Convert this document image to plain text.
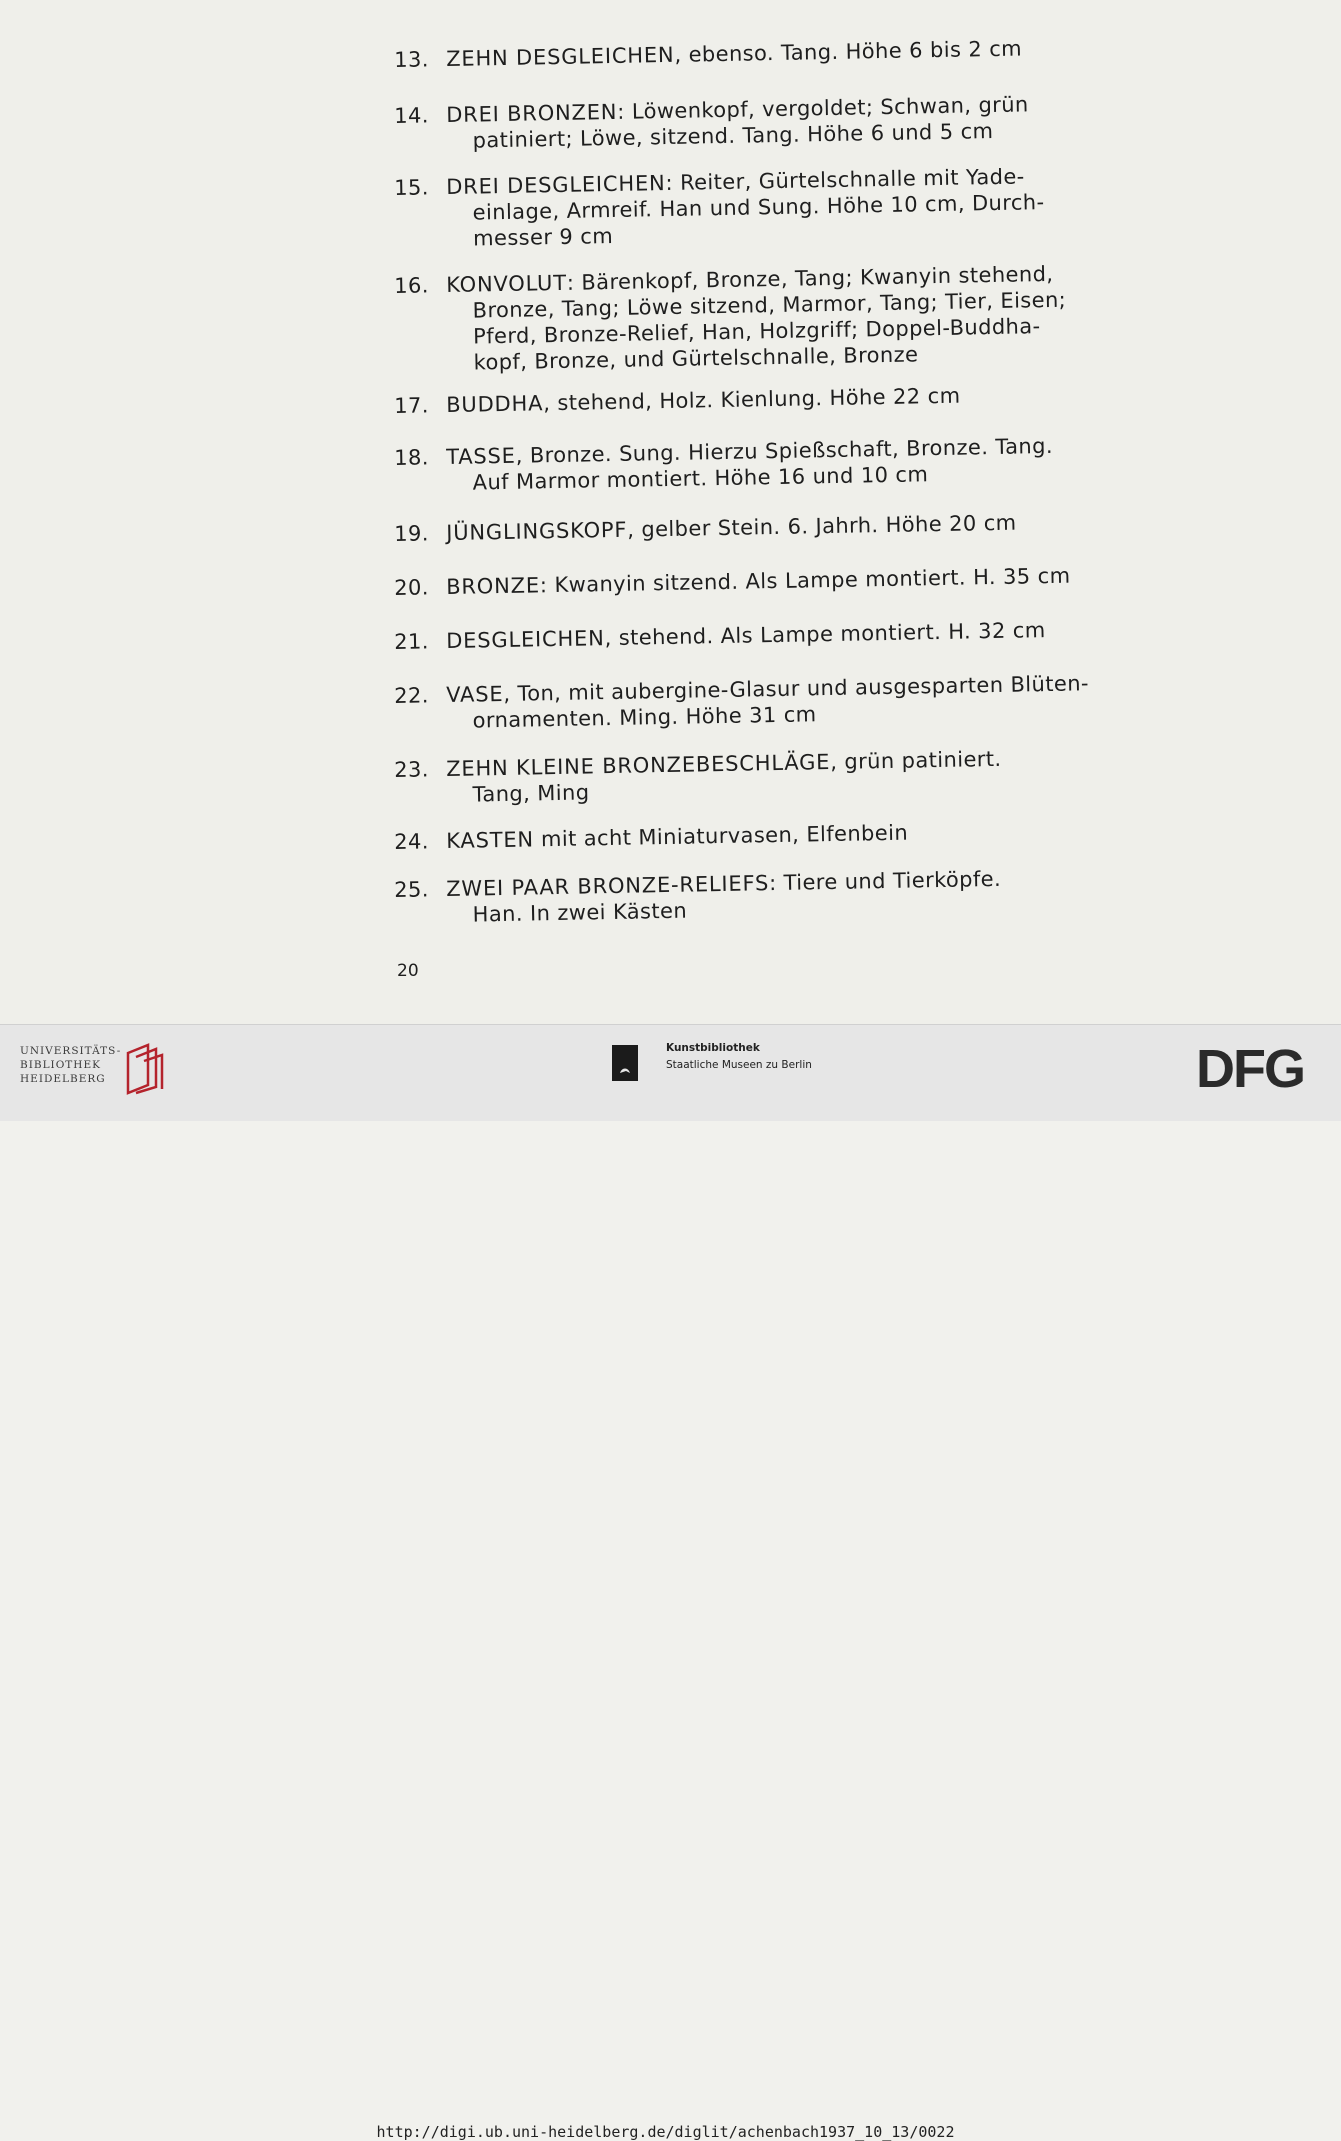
13. ZEHN DESGLEICHEN, ebenso. Tang. Höhe 6 bis 2 cm
14. DREI BRONZEN: Löwenkopf, vergoldet; Schwan, grün
patiniert; Löwe, sitzend. Tang. Höhe 6 und 5 cm
15. DREI DESGLEICHEN: Reiter, Gürtelschnalle mit Yade-
einlage, Armreif. Han und Sung. Höhe 10 cm, Durch-
messer 9 cm
16. KONVOLUT: Bärenkopf, Bronze, Tang; Kwanyin stehend,
Bronze, Tang; Löwe sitzend, Marmor, Tang; Tier, Eisen;
Pferd, Bronze-Relief, Han, Holzgriff; Doppel-Buddha-
kopf, Bronze, und Gürtelschnalle, Bronze
17. BUDDHA, stehend, Holz. Kienlung. Höhe 22 cm
18. TASSE, Bronze. Sung. Hierzu Spießschaft, Bronze. Tang.
Auf Marmor montiert. Höhe 16 und 10 cm
19. JÜNGLINGSKOPF, gelber Stein. 6. Jahrh. Höhe 20 cm
20. BRONZE: Kwanyin sitzend. Als Lampe montiert. H. 35 cm
21. DESGLEICHEN, stehend. Als Lampe montiert. H. 32 cm
22. VASE, Ton, mit aubergine-Glasur und ausgesparten Blüten-
ornamenten. Ming. Höhe 31 cm
23. ZEHN KLEINE BRONZEBESCHLÄGE, grün patiniert.
Tang, Ming
24. KASTEN mit acht Miniaturvasen, Elfenbein
25. ZWEI PAAR BRONZE-RELIEFS: Tiere und Tierköpfe.
Han. In zwei Kästen
20
UNIVERSITÄTS-
BIBLIOTHEK
HEIDELBERG
Kunstbibliothek
Staatliche Museen zu Berlin	DFG
http://digi.ub.uni-heidelberg.de/diglit/achenbach1937_10_13/0022
